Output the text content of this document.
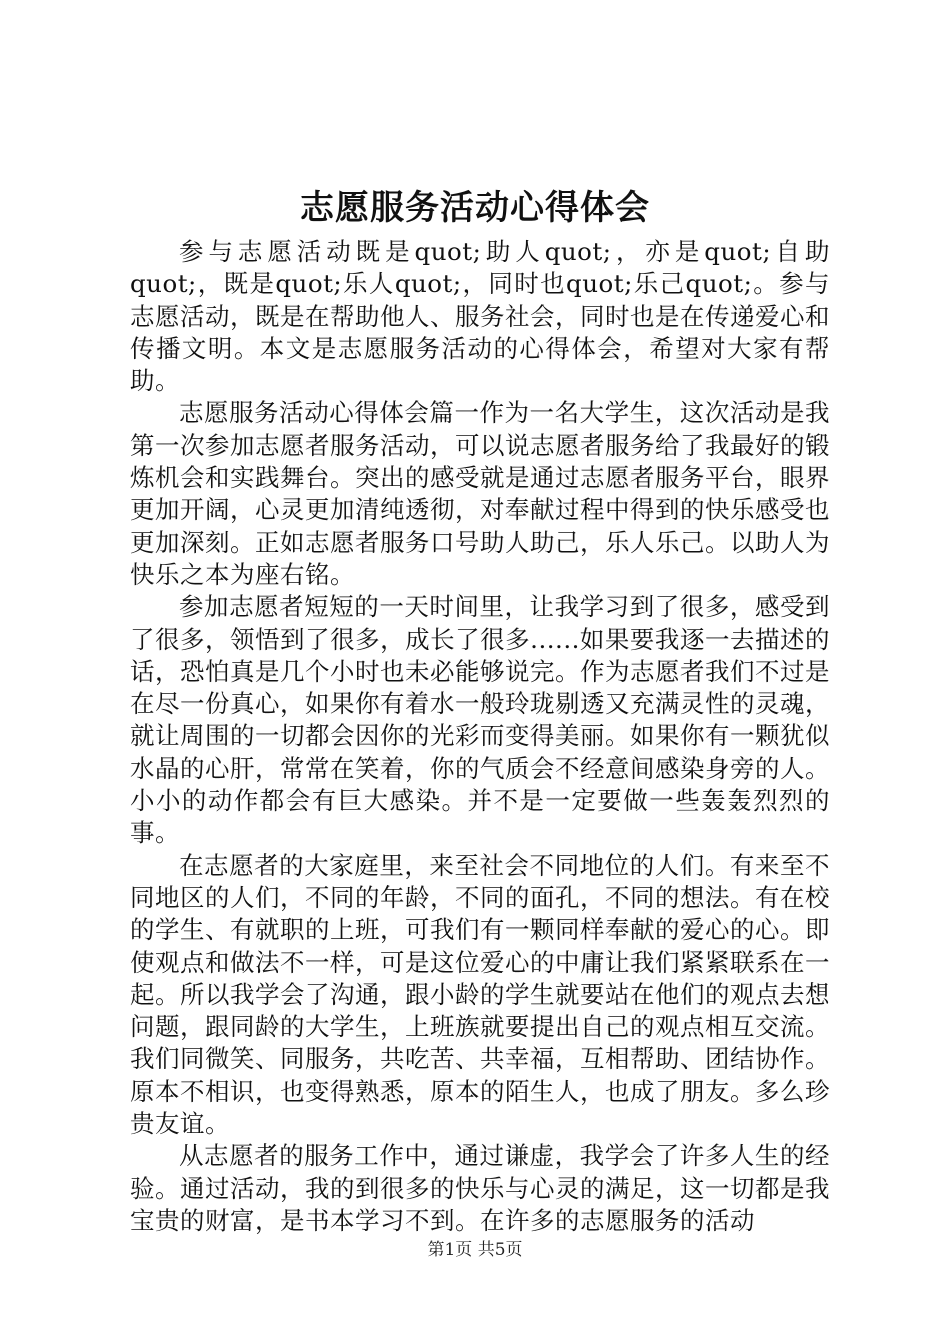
志愿服务活动心得体会

参与志愿活动既是quot;助人quot;，亦是quot;自助quot;，既是quot;乐人quot;，同时也quot;乐己quot;。参与志愿活动，既是在帮助他人、服务社会，同时也是在传递爱心和传播文明。本文是志愿服务活动的心得体会，希望对大家有帮助。

志愿服务活动心得体会篇一作为一名大学生，这次活动是我第一次参加志愿者服务活动，可以说志愿者服务给了我最好的锻炼机会和实践舞台。突出的感受就是通过志愿者服务平台，眼界更加开阔，心灵更加清纯透彻，对奉献过程中得到的快乐感受也更加深刻。正如志愿者服务口号助人助己，乐人乐己。以助人为快乐之本为座右铭。

参加志愿者短短的一天时间里，让我学习到了很多，感受到了很多，领悟到了很多，成长了很多......如果要我逐一去描述的话，恐怕真是几个小时也未必能够说完。作为志愿者我们不过是在尽一份真心，如果你有着水一般玲珑剔透又充满灵性的灵魂，就让周围的一切都会因你的光彩而变得美丽。如果你有一颗犹似水晶的心肝，常常在笑着，你的气质会不经意间感染身旁的人。小小的动作都会有巨大感染。并不是一定要做一些轰轰烈烈的事。

在志愿者的大家庭里，来至社会不同地位的人们。有来至不同地区的人们，不同的年龄，不同的面孔，不同的想法。有在校的学生、有就职的上班，可我们有一颗同样奉献的爱心的心。即使观点和做法不一样，可是这位爱心的中庸让我们紧紧联系在一起。所以我学会了沟通，跟小龄的学生就要站在他们的观点去想问题，跟同龄的大学生，上班族就要提出自己的观点相互交流。我们同微笑、同服务，共吃苦、共幸福，互相帮助、团结协作。原本不相识，也变得熟悉，原本的陌生人，也成了朋友。多么珍贵友谊。

从志愿者的服务工作中，通过谦虚，我学会了许多人生的经验。通过活动，我的到很多的快乐与心灵的满足，这一切都是我宝贵的财富，是书本学习不到。在许多的志愿服务的活动

第1页 共5页
